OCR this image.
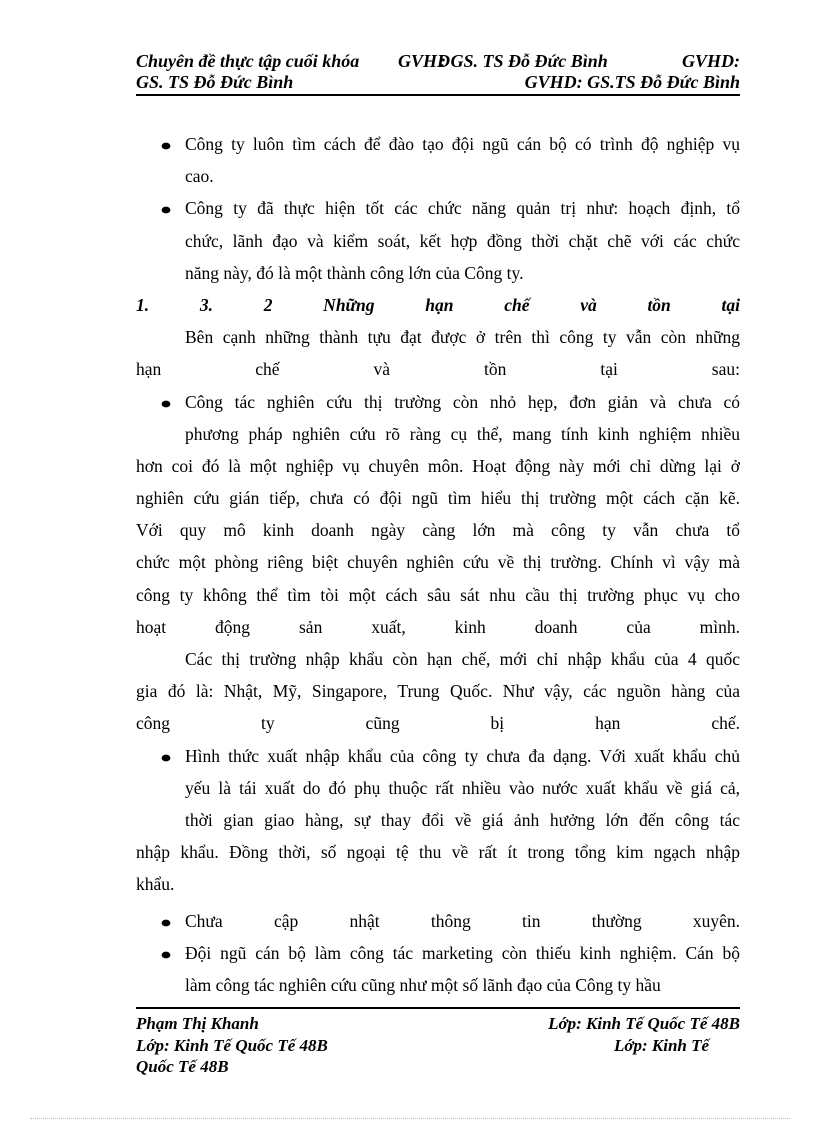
Chuyên đề thực tập cuối khóa GVHD
: GS. TS Đỗ Đức Bình	GVHD:
GS. TS Đỗ Đức Bình	GVHD: GS.TS Đỗ Đức Bình
Công ty luôn tìm cách để đào tạo đội ngũ cán bộ có trình độ nghiệp vụ
cao.
Công ty đã thực hiện tốt các chức năng quản trị như: hoạch định, tổ
chức, lãnh đạo và kiểm soát, kết hợp đồng thời chặt chẽ với các chức
năng này, đó là một thành công lớn của Công ty.
1. 3. 2 Những hạn chế và tồn tại
Bên cạnh những thành tựu đạt được ở trên thì công ty vẫn còn những
hạn chế và tồn tại sau:
Công tác nghiên cứu thị trường còn nhỏ hẹp, đơn giản và chưa có
phương pháp nghiên cứu rõ ràng cụ thể, mang tính kinh nghiệm nhiều
hơn coi đó là một nghiệp vụ chuyên môn. Hoạt động này mới chỉ dừng lại ở
nghiên cứu gián tiếp, chưa có đội ngũ tìm hiểu thị trường một cách cặn kẽ.
Với quy mô kinh doanh ngày càng lớn mà công ty vẫn chưa tổ
chức một phòng riêng biệt chuyên nghiên cứu về thị trường. Chính vì vậy mà
công ty không thể tìm tòi một cách sâu sát nhu cầu thị trường phục vụ cho
hoạt động sản xuất, kinh doanh của mình.
Các thị trường nhập khẩu còn hạn chế, mới chỉ nhập khẩu của 4 quốc
gia đó là: Nhật, Mỹ, Singapore, Trung Quốc. Như vậy, các nguồn hàng của
công ty cũng bị hạn chế.
Hình thức xuất nhập khẩu của công ty chưa đa dạng. Với xuất khẩu chủ
yếu là tái xuất do đó phụ thuộc rất nhiều vào nước xuất khẩu về giá cả,
thời gian giao hàng, sự thay đổi về giá ảnh hưởng lớn đến công tác
nhập khẩu. Đồng thời, số ngoại tệ thu về rất ít trong tổng kim ngạch nhập
khẩu.
Chưa cập nhật thông tin thường xuyên.
Đội ngũ cán bộ làm công tác marketing còn thiếu kinh nghiệm. Cán bộ
làm công tác nghiên cứu cũng như một số lãnh đạo của Công ty hầu
Phạm Thị Khanh	Lớp: Kinh Tế Quốc Tế 48B
Lớp: Kinh Tế Quốc Tế 48B	Lớp: Kinh Tế
Quốc Tế 48B
